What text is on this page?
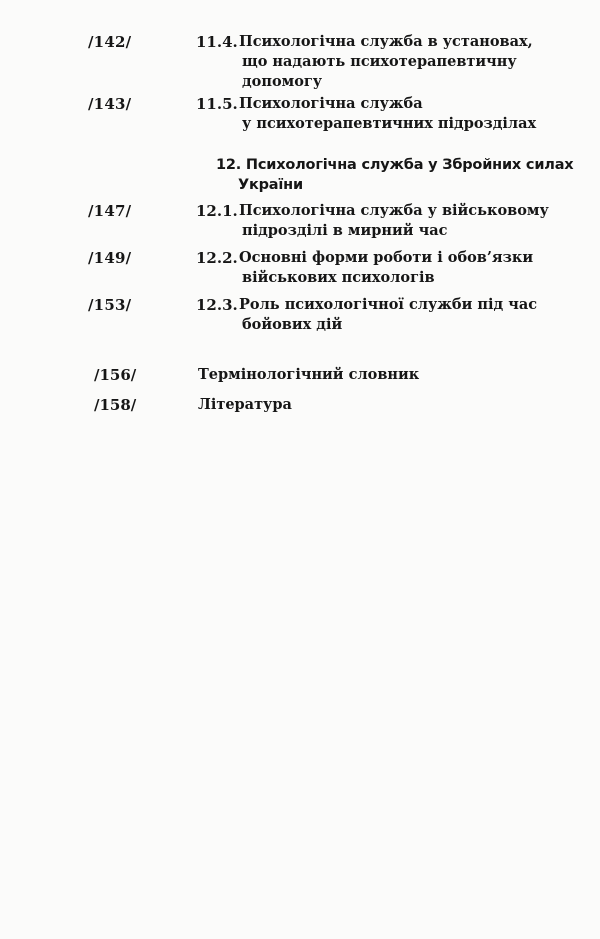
/142/	11.4. Психологічна служба в установах,
що надають психотерапевтичну
допомогу
/143/	11.5. Психологічна служба
у психотерапевтичних підрозділах
12. Психологічна служба у Збройних силах
України
/147/	12.1. Психологічна служба у військовому
підрозділі в мирний час
/149/	12.2. Основні форми роботи і обов’язки
військових психологів
/153/	12.3. Роль психологічної служби під час
бойових дій
/156/	Термінологічний словник
/158/	Література
